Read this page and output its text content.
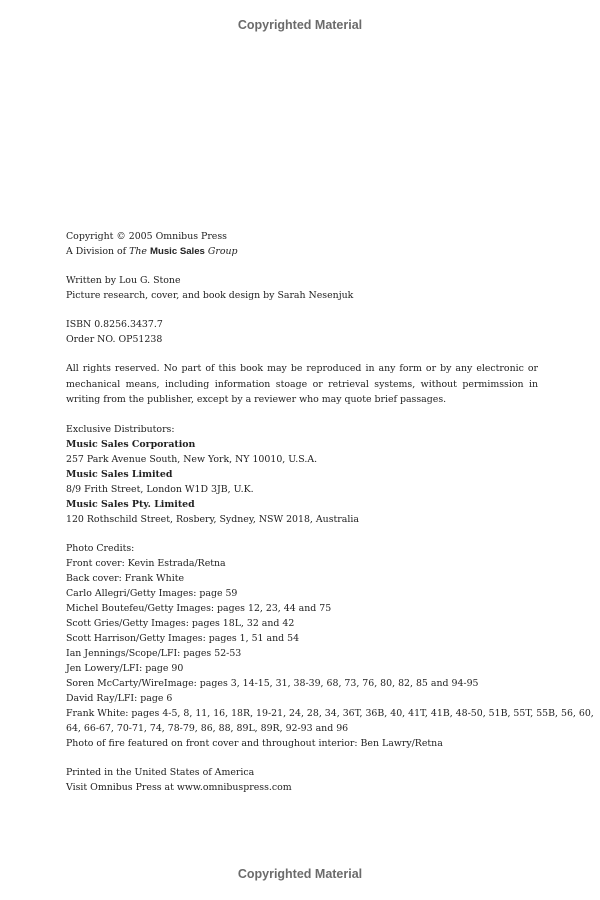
Copyrighted Material
Copyright © 2005 Omnibus Press
A Division of The Music Sales Group
Written by Lou G. Stone
Picture research, cover, and book design by Sarah Nesenjuk
ISBN 0.8256.3437.7
Order NO. OP51238
All rights reserved. No part of this book may be reproduced in any form or by any electronic or mechanical means, including information stoage or retrieval systems, without permimssion in writing from the publisher, except by a reviewer who may quote brief passages.
Exclusive Distributors:
Music Sales Corporation
257 Park Avenue South, New York, NY 10010, U.S.A.
Music Sales Limited
8/9 Frith Street, London W1D 3JB, U.K.
Music Sales Pty. Limited
120 Rothschild Street, Rosbery, Sydney, NSW 2018, Australia
Photo Credits:
Front cover: Kevin Estrada/Retna
Back cover: Frank White
Carlo Allegri/Getty Images: page 59
Michel Boutefeu/Getty Images: pages 12, 23, 44 and 75
Scott Gries/Getty Images: pages 18L, 32 and 42
Scott Harrison/Getty Images: pages 1, 51 and 54
Ian Jennings/Scope/LFI: pages 52-53
Jen Lowery/LFI: page 90
Soren McCarty/WireImage: pages 3, 14-15, 31, 38-39, 68, 73, 76, 80, 82, 85 and 94-95
David Ray/LFI: page 6
Frank White: pages 4-5, 8, 11, 16, 18R, 19-21, 24, 28, 34, 36T, 36B, 40, 41T, 41B, 48-50, 51B, 55T, 55B, 56, 60,
64, 66-67, 70-71, 74, 78-79, 86, 88, 89L, 89R, 92-93 and 96
Photo of fire featured on front cover and throughout interior: Ben Lawry/Retna
Printed in the United States of America
Visit Omnibus Press at www.omnibuspress.com
Copyrighted Material
